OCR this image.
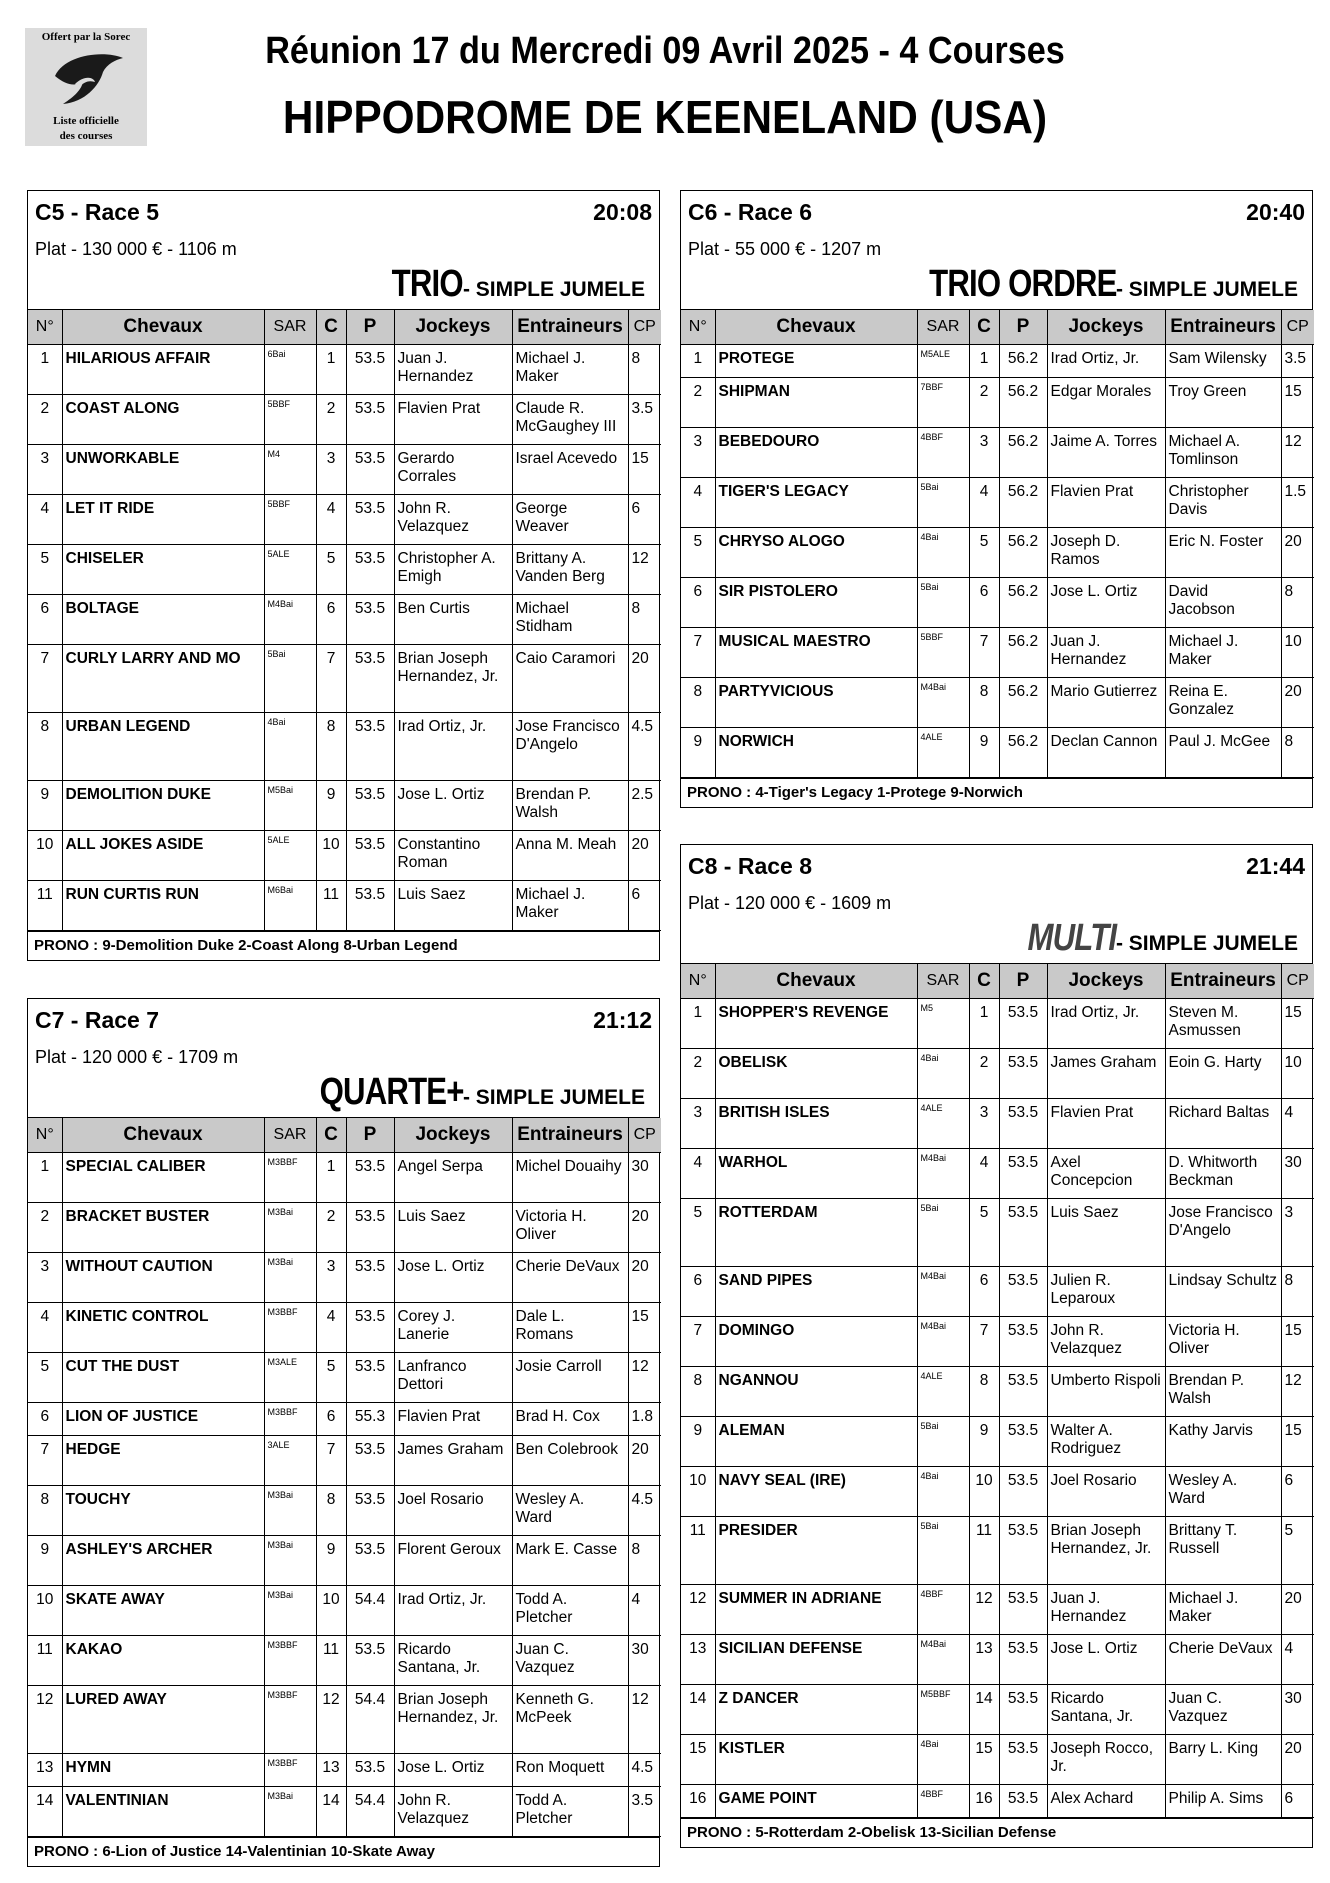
Offert par la Sorec
Liste officielle
des courses
Réunion 17 du Mercredi 09 Avril 2025 - 4 Courses
HIPPODROME DE KEENELAND (USA)
C5 - Race 5	20:08
Plat - 130 000 € - 1106 m
TRIO - SIMPLE JUMELE
N°	Chevaux	SAR	C	P	Jockeys	Entraineurs	CP
1	HILARIOUS AFFAIR	6Bai	1	53.5	Juan J. Hernandez	Michael J. Maker	8
2	COAST ALONG	5BBF	2	53.5	Flavien Prat	Claude R. McGaughey III	3.5
3	UNWORKABLE	M4	3	53.5	Gerardo Corrales	Israel Acevedo	15
4	LET IT RIDE	5BBF	4	53.5	John R. Velazquez	George Weaver	6
5	CHISELER	5ALE	5	53.5	Christopher A. Emigh	Brittany A. Vanden Berg	12
6	BOLTAGE	M4Bai	6	53.5	Ben Curtis	Michael Stidham	8
7	CURLY LARRY AND MO	5Bai	7	53.5	Brian Joseph Hernandez, Jr.	Caio Caramori	20
8	URBAN LEGEND	4Bai	8	53.5	Irad Ortiz, Jr.	Jose Francisco D'Angelo	4.5
9	DEMOLITION DUKE	M5Bai	9	53.5	Jose L. Ortiz	Brendan P. Walsh	2.5
10	ALL JOKES ASIDE	5ALE	10	53.5	Constantino Roman	Anna M. Meah	20
11	RUN CURTIS RUN	M6Bai	11	53.5	Luis Saez	Michael J. Maker	6
PRONO : 9-Demolition Duke 2-Coast Along 8-Urban Legend
C6 - Race 6	20:40
Plat - 55 000 € - 1207 m
TRIO ORDRE - SIMPLE JUMELE
N°	Chevaux	SAR	C	P	Jockeys	Entraineurs	CP
1	PROTEGE	M5ALE	1	56.2	Irad Ortiz, Jr.	Sam Wilensky	3.5
2	SHIPMAN	7BBF	2	56.2	Edgar Morales	Troy Green	15
3	BEBEDOURO	4BBF	3	56.2	Jaime A. Torres	Michael A. Tomlinson	12
4	TIGER'S LEGACY	5Bai	4	56.2	Flavien Prat	Christopher Davis	1.5
5	CHRYSO ALOGO	4Bai	5	56.2	Joseph D. Ramos	Eric N. Foster	20
6	SIR PISTOLERO	5Bai	6	56.2	Jose L. Ortiz	David Jacobson	8
7	MUSICAL MAESTRO	5BBF	7	56.2	Juan J. Hernandez	Michael J. Maker	10
8	PARTYVICIOUS	M4Bai	8	56.2	Mario Gutierrez	Reina E. Gonzalez	20
9	NORWICH	4ALE	9	56.2	Declan Cannon	Paul J. McGee	8
PRONO : 4-Tiger's Legacy 1-Protege 9-Norwich
C7 - Race 7	21:12
Plat - 120 000 € - 1709 m
QUARTE+ - SIMPLE JUMELE
N°	Chevaux	SAR	C	P	Jockeys	Entraineurs	CP
1	SPECIAL CALIBER	M3BBF	1	53.5	Angel Serpa	Michel Douaihy	30
2	BRACKET BUSTER	M3Bai	2	53.5	Luis Saez	Victoria H. Oliver	20
3	WITHOUT CAUTION	M3Bai	3	53.5	Jose L. Ortiz	Cherie DeVaux	20
4	KINETIC CONTROL	M3BBF	4	53.5	Corey J. Lanerie	Dale L. Romans	15
5	CUT THE DUST	M3ALE	5	53.5	Lanfranco Dettori	Josie Carroll	12
6	LION OF JUSTICE	M3BBF	6	55.3	Flavien Prat	Brad H. Cox	1.8
7	HEDGE	3ALE	7	53.5	James Graham	Ben Colebrook	20
8	TOUCHY	M3Bai	8	53.5	Joel Rosario	Wesley A. Ward	4.5
9	ASHLEY'S ARCHER	M3Bai	9	53.5	Florent Geroux	Mark E. Casse	8
10	SKATE AWAY	M3Bai	10	54.4	Irad Ortiz, Jr.	Todd A. Pletcher	4
11	KAKAO	M3BBF	11	53.5	Ricardo Santana, Jr.	Juan C. Vazquez	30
12	LURED AWAY	M3BBF	12	54.4	Brian Joseph Hernandez, Jr.	Kenneth G. McPeek	12
13	HYMN	M3BBF	13	53.5	Jose L. Ortiz	Ron Moquett	4.5
14	VALENTINIAN	M3Bai	14	54.4	John R. Velazquez	Todd A. Pletcher	3.5
PRONO : 6-Lion of Justice 14-Valentinian 10-Skate Away
C8 - Race 8	21:44
Plat - 120 000 € - 1609 m
MULTI - SIMPLE JUMELE
N°	Chevaux	SAR	C	P	Jockeys	Entraineurs	CP
1	SHOPPER'S REVENGE	M5	1	53.5	Irad Ortiz, Jr.	Steven M. Asmussen	15
2	OBELISK	4Bai	2	53.5	James Graham	Eoin G. Harty	10
3	BRITISH ISLES	4ALE	3	53.5	Flavien Prat	Richard Baltas	4
4	WARHOL	M4Bai	4	53.5	Axel Concepcion	D. Whitworth Beckman	30
5	ROTTERDAM	5Bai	5	53.5	Luis Saez	Jose Francisco D'Angelo	3
6	SAND PIPES	M4Bai	6	53.5	Julien R. Leparoux	Lindsay Schultz	8
7	DOMINGO	M4Bai	7	53.5	John R. Velazquez	Victoria H. Oliver	15
8	NGANNOU	4ALE	8	53.5	Umberto Rispoli	Brendan P. Walsh	12
9	ALEMAN	5Bai	9	53.5	Walter A. Rodriguez	Kathy Jarvis	15
10	NAVY SEAL (IRE)	4Bai	10	53.5	Joel Rosario	Wesley A. Ward	6
11	PRESIDER	5Bai	11	53.5	Brian Joseph Hernandez, Jr.	Brittany T. Russell	5
12	SUMMER IN ADRIANE	4BBF	12	53.5	Juan J. Hernandez	Michael J. Maker	20
13	SICILIAN DEFENSE	M4Bai	13	53.5	Jose L. Ortiz	Cherie DeVaux	4
14	Z DANCER	M5BBF	14	53.5	Ricardo Santana, Jr.	Juan C. Vazquez	30
15	KISTLER	4Bai	15	53.5	Joseph Rocco, Jr.	Barry L. King	20
16	GAME POINT	4BBF	16	53.5	Alex Achard	Philip A. Sims	6
PRONO : 5-Rotterdam 2-Obelisk 13-Sicilian Defense
